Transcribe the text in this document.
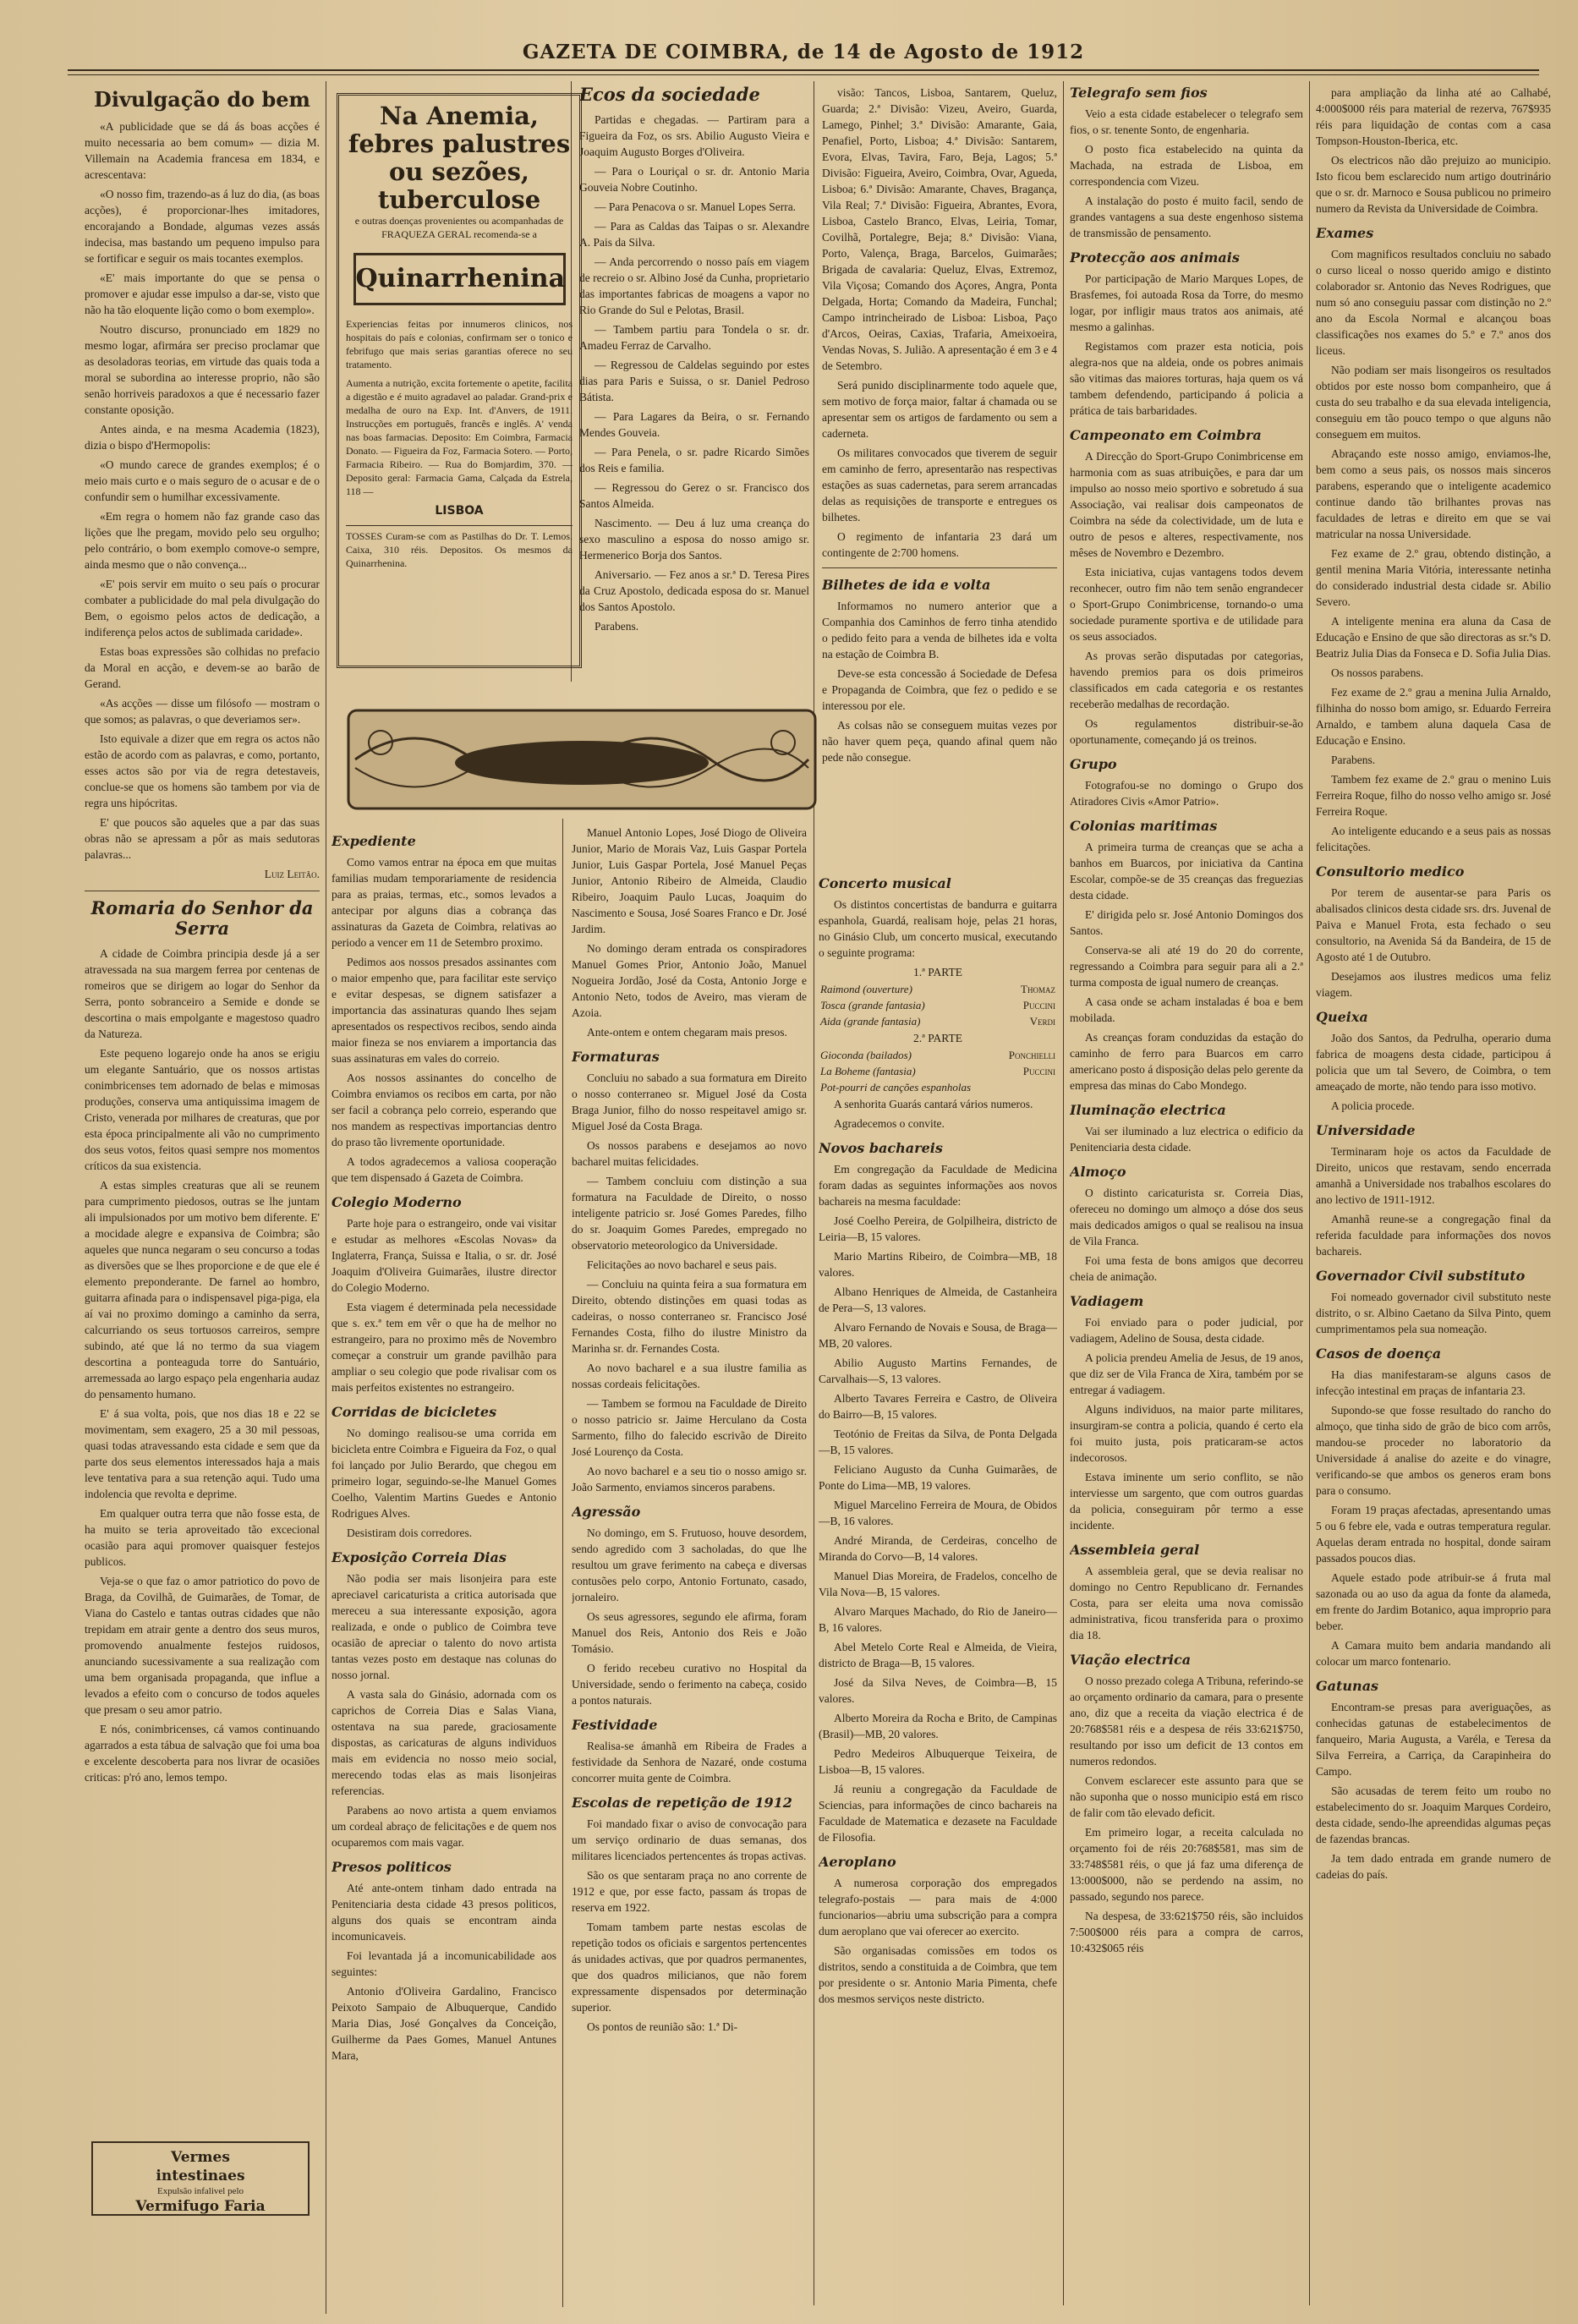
GAZETA DE COIMBRA, de 14 de Agosto de 1912
Divulgação do bem

«A publicidade que se dá ás boas acções é muito necessaria ao bem comum» — dizia M. Villemain na Academia francesa em 1834, e acrescentava:

«O nosso fim, trazendo-as á luz do dia, (as boas acções), é proporcionar-lhes imitadores, encorajando a Bondade, algumas vezes assás indecisa, mas bastando um pequeno impulso para se fortificar e seguir os mais tocantes exemplos.

«E' mais importante do que se pensa o promover e ajudar esse impulso a dar-se, visto que não ha tão eloquente lição como o bom exemplo».

Noutro discurso, pronunciado em 1829 no mesmo logar, afirmára ser preciso proclamar que as desoladoras teorias, em virtude das quais toda a moral se subordina ao interesse proprio, não são senão horriveis paradoxos a que é necessario fazer constante oposição.

Antes ainda, e na mesma Academia (1823), dizia o bispo d'Hermopolis:

«O mundo carece de grandes exemplos; é o meio mais curto e o mais seguro de o acusar e de o confundir sem o humilhar excessivamente.

«Em regra o homem não faz grande caso das lições que lhe pregam, movido pelo seu orgulho; pelo contrário, o bom exemplo comove-o sempre, ainda mesmo que o não convença...

«E' pois servir em muito o seu país o procurar combater a publicidade do mal pela divulgação do Bem, o egoismo pelos actos de dedicação, a indiferença pelos actos de sublimada caridade».

Estas boas expressões são colhidas no prefacio da Moral en acção, e devem-se ao barão de Gerand.

«As acções — disse um filósofo — mostram o que somos; as palavras, o que deveriamos ser».

Isto equivale a dizer que em regra os actos não estão de acordo com as palavras, e como, portanto, esses actos são por via de regra detestaveis, conclue-se que os homens são tambem por via de regra uns hipócritas.

E' que poucos são aqueles que a par das suas obras não se apressam a pôr as mais sedutoras palavras...

Luiz Leitão.
Romaria do Senhor da Serra

A cidade de Coimbra principia desde já a ser atravessada na sua margem ferrea por centenas de romeiros que se dirigem ao logar do Senhor da Serra, ponto sobranceiro a Semide e donde se descortina o mais empolgante e magestoso quadro da Natureza.

Este pequeno logarejo onde ha anos se erigiu um elegante Santuário, que os nossos artistas conimbricenses tem adornado de belas e mimosas produções, conserva uma antiquissima imagem de Cristo, venerada por milhares de creaturas, que por esta época principalmente ali vão no cumprimento dos seus votos, feitos quasi sempre nos momentos críticos da sua existencia.

A estas simples creaturas que ali se reunem para cumprimento piedosos, outras se lhe juntam ali impulsionados por um motivo bem diferente. E' a mocidade alegre e expansiva de Coimbra; são aqueles que nunca negaram o seu concurso a todas as diversões que se lhes proporcione e de que ele é elemento preponderante. De farnel ao hombro, guitarra afinada para o indispensavel piga-piga, ela aí vai no proximo domingo a caminho da serra, calcurriando os seus tortuosos carreiros, sempre subindo, até que lá no termo da sua viagem descortina a ponteaguda torre do Santuário, arremessada ao largo espaço pela engenharia audaz do pensamento humano.

E' á sua volta, pois, que nos dias 18 e 22 se movimentam, sem exagero, 25 a 30 mil pessoas, quasi todas atravessando esta cidade e sem que da parte dos seus elementos interessados haja a mais leve tentativa para a sua retenção aqui. Tudo uma indolencia que revolta e deprime.

Em qualquer outra terra que não fosse esta, de ha muito se teria aproveitado tão excecional ocasião para aqui promover quaisquer festejos publicos.

Veja-se o que faz o amor patriotico do povo de Braga, da Covilhã, de Guimarães, de Tomar, de Viana do Castelo e tantas outras cidades que não trepidam em atrair gente a dentro dos seus muros, promovendo anualmente festejos ruidosos, anunciando sucessivamente a sua realização com uma bem organisada propaganda, que influe a levados a efeito com o concurso de todos aqueles que presam o seu amor patrio.

E nós, conimbricenses, cá vamos continuando agarrados a esta tábua de salvação que foi uma boa e excelente descoberta para nos livrar de ocasiões criticas: p'ró ano, lemos tempo.

Vermes
intestinaes
Expulsão infalivel pelo
Vermifugo Faria
Na Anemia, febres palustres ou sezões, tuberculose
e outras doenças provenientes ou acompanhadas de FRAQUEZA GERAL recomenda-se a
Quinarrhenina
Experiencias feitas por innumeros clinicos, nos hospitais do país e colonias, confirmam ser o tonico e febrifugo que mais serias garantias oferece no seu tratamento.
Aumenta a nutrição, excita fortemente o apetite, facilita a digestão e é muito agradavel ao paladar. Grand-prix e medalha de ouro na Exp. Int. d'Anvers, de 1911. Instrucções em português, francês e inglês. A' venda nas boas farmacias. Deposito: Em Coimbra, Farmacia Donato. — Figueira da Foz, Farmacia Sotero. — Porto, Farmacia Ribeiro. — Rua do Bomjardim, 370. — Deposito geral: Farmacia Gama, Calçada da Estrela, 118 —
LISBOA
TOSSES Curam-se com as Pastilhas do Dr. T. Lemos. Caixa, 310 réis. Depositos. Os mesmos da Quinarrhenina.
Ecos da sociedade

Partidas e chegadas. — Partiram para a Figueira da Foz, os srs. Abilio Augusto Vieira e Joaquim Augusto Borges d'Oliveira.

— Para o Louriçal o sr. dr. Antonio Maria Gouveia Nobre Coutinho.

— Para Penacova o sr. Manuel Lopes Serra.

— Para as Caldas das Taipas o sr. Alexandre A. Pais da Silva.

— Anda percorrendo o nosso país em viagem de recreio o sr. Albino José da Cunha, proprietario das importantes fabricas de moagens a vapor no Rio Grande do Sul e Pelotas, Brasil.

— Tambem partiu para Tondela o sr. dr. Amadeu Ferraz de Carvalho.

— Regressou de Caldelas seguindo por estes dias para Paris e Suissa, o sr. Daniel Pedroso Bátista.

— Para Lagares da Beira, o sr. Fernando Mendes Gouveia.

— Para Penela, o sr. padre Ricardo Simões dos Reis e familia.

— Regressou do Gerez o sr. Francisco dos Santos Almeida.

Nascimento. — Deu á luz uma creança do sexo masculino a esposa do nosso amigo sr. Hermenerico Borja dos Santos.

Aniversario. — Fez anos a sr.ª D. Teresa Pires da Cruz Apostolo, dedicada esposa do sr. Manuel dos Santos Apostolo.

Parabens.

visão: Tancos, Lisboa, Santarem, Queluz, Guarda; 2.ª Divisão: Vizeu, Aveiro, Guarda, Lamego, Pinhel; 3.ª Divisão: Amarante, Gaia, Penafiel, Porto, Lisboa; 4.ª Divisão: Santarem, Evora, Elvas, Tavira, Faro, Beja, Lagos; 5.ª Divisão: Figueira, Aveiro, Coimbra, Ovar, Agueda, Lisboa; 6.ª Divisão: Amarante, Chaves, Bragança, Vila Real; 7.ª Divisão: Figueira, Abrantes, Evora, Lisboa, Castelo Branco, Elvas, Leiria, Tomar, Covilhã, Portalegre, Beja; 8.ª Divisão: Viana, Porto, Valença, Braga, Barcelos, Guimarães; Brigada de cavalaria: Queluz, Elvas, Extremoz, Vila Viçosa; Comando dos Açores, Angra, Ponta Delgada, Horta; Comando da Madeira, Funchal; Campo intrincheirado de Lisboa: Lisboa, Paço d'Arcos, Oeiras, Caxias, Trafaria, Ameixoeira, Vendas Novas, S. Julião. A apresentação é em 3 e 4 de Setembro.

Será punido disciplinarmente todo aquele que, sem motivo de força maior, faltar á chamada ou se apresentar sem os artigos de fardamento ou sem a caderneta.

Os militares convocados que tiverem de seguir em caminho de ferro, apresentarão nas respectivas estações as suas cadernetas, para serem arrancadas delas as requisições de transporte e entregues os bilhetes.

O regimento de infantaria 23 dará um contingente de 2:700 homens.

Bilhetes de ida e volta

Informamos no numero anterior que a Companhia dos Caminhos de ferro tinha atendido o pedido feito para a venda de bilhetes ida e volta na estação de Coimbra B.

Deve-se esta concessão á Sociedade de Defesa e Propaganda de Coimbra, que fez o pedido e se interessou por ele.

As colsas não se conseguem muitas vezes por não haver quem peça, quando afinal quem não pede não consegue.

Expediente

Como vamos entrar na época em que muitas familias mudam temporariamente de residencia para as praias, termas, etc., somos levados a antecipar por alguns dias a cobrança das assinaturas da Gazeta de Coimbra, relativas ao periodo a vencer em 11 de Setembro proximo.

Pedimos aos nossos presados assinantes com o maior empenho que, para facilitar este serviço e evitar despesas, se dignem satisfazer a importancia das assinaturas quando lhes sejam apresentados os respectivos recibos, sendo ainda maior fineza se nos enviarem a importancia das suas assinaturas em vales do correio.

Aos nossos assinantes do concelho de Coimbra enviamos os recibos em carta, por não ser facil a cobrança pelo correio, esperando que nos mandem as respectivas importancias dentro do praso tão livremente oportunidade.

A todos agradecemos a valiosa cooperação que tem dispensado á Gazeta de Coimbra.

Colegio Moderno

Parte hoje para o estrangeiro, onde vai visitar e estudar as melhores «Escolas Novas» da Inglaterra, França, Suissa e Italia, o sr. dr. José Joaquim d'Oliveira Guimarães, ilustre director do Colegio Moderno.

Esta viagem é determinada pela necessidade que s. ex.ª tem em vêr o que ha de melhor no estrangeiro, para no proximo mês de Novembro começar a construir um grande pavilhão para ampliar o seu colegio que pode rivalisar com os mais perfeitos existentes no estrangeiro.

Corridas de bicicletes

No domingo realisou-se uma corrida em bicicleta entre Coimbra e Figueira da Foz, o qual foi lançado por Julio Berardo, que chegou em primeiro logar, seguindo-se-lhe Manuel Gomes Coelho, Valentim Martins Guedes e Antonio Rodrigues Alves.

Desistiram dois corredores.

Exposição Correia Dias

Não podia ser mais lisonjeira para este apreciavel caricaturista a critica autorisada que mereceu a sua interessante exposição, agora realizada, e onde o publico de Coimbra teve ocasião de apreciar o talento do novo artista tantas vezes posto em destaque nas colunas do nosso jornal.

A vasta sala do Ginásio, adornada com os caprichos de Correia Dias e Salas Viana, ostentava na sua parede, graciosamente dispostas, as caricaturas de alguns individuos mais em evidencia no nosso meio social, merecendo todas elas as mais lisonjeiras referencias.

Parabens ao novo artista a quem enviamos um cordeal abraço de felicitações e de quem nos ocuparemos com mais vagar.

Presos politicos

Até ante-ontem tinham dado entrada na Penitenciaria desta cidade 43 presos politicos, alguns dos quais se encontram ainda incomunicaveis.

Foi levantada já a incomunicabilidade aos seguintes:

Antonio d'Oliveira Gardalino, Francisco Peixoto Sampaio de Albuquerque, Candido Maria Dias, José Gonçalves da Conceição, Guilherme da Paes Gomes, Manuel Antunes Mara,

Manuel Antonio Lopes, José Diogo de Oliveira Junior, Mario de Morais Vaz, Luis Gaspar Portela Junior, Luis Gaspar Portela, José Manuel Peças Junior, Antonio Ribeiro de Almeida, Claudio Ribeiro, Joaquim Paulo Lucas, Joaquim do Nascimento e Sousa, José Soares Franco e Dr. José Jardim.

No domingo deram entrada os conspiradores Manuel Gomes Prior, Antonio João, Manuel Nogueira Jordão, José da Costa, Antonio Jorge e Antonio Neto, todos de Aveiro, mas vieram de Azoia.

Ante-ontem e ontem chegaram mais presos.

Formaturas

Concluiu no sabado a sua formatura em Direito o nosso conterraneo sr. Miguel José da Costa Braga Junior, filho do nosso respeitavel amigo sr. Miguel José da Costa Braga.

Os nossos parabens e desejamos ao novo bacharel muitas felicidades.

— Tambem concluiu com distinção a sua formatura na Faculdade de Direito, o nosso inteligente patricio sr. José Gomes Paredes, filho do sr. Joaquim Gomes Paredes, empregado no observatorio meteorologico da Universidade.

Felicitações ao novo bacharel e seus pais.

— Concluiu na quinta feira a sua formatura em Direito, obtendo distinções em quasi todas as cadeiras, o nosso conterraneo sr. Francisco José Fernandes Costa, filho do ilustre Ministro da Marinha sr. dr. Fernandes Costa.

Ao novo bacharel e a sua ilustre familia as nossas cordeais felicitações.

— Tambem se formou na Faculdade de Direito o nosso patricio sr. Jaime Herculano da Costa Sarmento, filho do falecido escrivão de Direito José Lourenço da Costa.

Ao novo bacharel e a seu tio o nosso amigo sr. João Sarmento, enviamos sinceros parabens.

Agressão

No domingo, em S. Frutuoso, houve desordem, sendo agredido com 3 sacholadas, do que lhe resultou um grave ferimento na cabeça e diversas contusões pelo corpo, Antonio Fortunato, casado, jornaleiro.

Os seus agressores, segundo ele afirma, foram Manuel dos Reis, Antonio dos Reis e João Tomásio.

O ferido recebeu curativo no Hospital da Universidade, sendo o ferimento na cabeça, cosido a pontos naturais.

Festividade

Realisa-se ámanhã em Ribeira de Frades a festividade da Senhora de Nazaré, onde costuma concorrer muita gente de Coimbra.

Escolas de repetição de 1912

Foi mandado fixar o aviso de convocação para um serviço ordinario de duas semanas, dos militares licenciados pertencentes ás tropas activas.

São os que sentaram praça no ano corrente de 1912 e que, por esse facto, passam ás tropas de reserva em 1922.

Tomam tambem parte nestas escolas de repetição todos os oficiais e sargentos pertencentes ás unidades activas, que por quadros permanentes, que dos quadros milicianos, que não forem expressamente dispensados por determinação superior.

Os pontos de reunião são: 1.ª Di-

Concerto musical

Os distintos concertistas de bandurra e guitarra espanhola, Guardá, realisam hoje, pelas 21 horas, no Ginásio Club, um concerto musical, executando o seguinte programa:

1.ª PARTE
Raimond (ouverture)	Thomaz
Tosca (grande fantasia)	Puccini
Aida (grande fantasia)	Verdi
2.ª PARTE
Gioconda (bailados)	Ponchielli
La Boheme (fantasia)	Puccini
Pot-pourri de canções espanholas	

A senhorita Guarás cantará vários numeros.

Agradecemos o convite.

Novos bachareis

Em congregação da Faculdade de Medicina foram dadas as seguintes informações aos novos bachareis na mesma faculdade:

José Coelho Pereira, de Golpilheira, districto de Leiria—B, 15 valores.

Mario Martins Ribeiro, de Coimbra—MB, 18 valores.

Albano Henriques de Almeida, de Castanheira de Pera—S, 13 valores.

Alvaro Fernando de Novais e Sousa, de Braga—MB, 20 valores.

Abilio Augusto Martins Fernandes, de Carvalhais—S, 13 valores.

Alberto Tavares Ferreira e Castro, de Oliveira do Bairro—B, 15 valores.

Teotónio de Freitas da Silva, de Ponta Delgada—B, 15 valores.

Feliciano Augusto da Cunha Guimarães, de Ponte do Lima—MB, 19 valores.

Miguel Marcelino Ferreira de Moura, de Obidos—B, 16 valores.

André Miranda, de Cerdeiras, concelho de Miranda do Corvo—B, 14 valores.

Manuel Dias Moreira, de Fradelos, concelho de Vila Nova—B, 15 valores.

Alvaro Marques Machado, do Rio de Janeiro—B, 16 valores.

Abel Metelo Corte Real e Almeida, de Vieira, districto de Braga—B, 15 valores.

José da Silva Neves, de Coimbra—B, 15 valores.

Alberto Moreira da Rocha e Brito, de Campinas (Brasil)—MB, 20 valores.

Pedro Medeiros Albuquerque Teixeira, de Lisboa—B, 15 valores.

Já reuniu a congregação da Faculdade de Sciencias, para informações de cinco bachareis na Faculdade de Matematica e dezasete na Faculdade de Filosofia.

Aeroplano

A numerosa corporação dos empregados telegrafo-postais — para mais de 4:000 funcionarios—abriu uma subscrição para a compra dum aeroplano que vai oferecer ao exercito.

São organisadas comissões em todos os distritos, sendo a constituida a de Coimbra, que tem por presidente o sr. Antonio Maria Pimenta, chefe dos mesmos serviços neste districto.

Telegrafo sem fios

Veio a esta cidade estabelecer o telegrafo sem fios, o sr. tenente Sonto, de engenharia.

O posto fica estabelecido na quinta da Machada, na estrada de Lisboa, em correspondencia com Vizeu.

A instalação do posto é muito facil, sendo de grandes vantagens a sua deste engenhoso sistema de transmissão de pensamento.

Protecção aos animais

Por participação de Mario Marques Lopes, de Brasfemes, foi autoada Rosa da Torre, do mesmo logar, por infligir maus tratos aos animais, até mesmo a galinhas.

Registamos com prazer esta noticia, pois alegra-nos que na aldeia, onde os pobres animais são vitimas das maiores torturas, haja quem os vá tambem defendendo, participando á policia a prática de tais barbaridades.

Campeonato em Coimbra

A Direcção do Sport-Grupo Conimbricense em harmonia com as suas atribuições, e para dar um impulso ao nosso meio sportivo e sobretudo á sua Associação, vai realisar dois campeonatos de Coimbra na séde da colectividade, um de luta e outro de pesos e alteres, respectivamente, nos mêses de Novembro e Dezembro.

Esta iniciativa, cujas vantagens todos devem reconhecer, outro fim não tem senão engrandecer o Sport-Grupo Conimbricense, tornando-o uma sociedade puramente sportiva e de utilidade para os seus associados.

As provas serão disputadas por categorias, havendo premios para os dois primeiros classificados em cada categoria e os restantes receberão medalhas de recordação.

Os regulamentos distribuir-se-ão oportunamente, começando já os treinos.

Grupo

Fotografou-se no domingo o Grupo dos Atiradores Civis «Amor Patrio».

Colonias maritimas

A primeira turma de creanças que se acha a banhos em Buarcos, por iniciativa da Cantina Escolar, compõe-se de 35 creanças das freguezias desta cidade.

E' dirigida pelo sr. José Antonio Domingos dos Santos.

Conserva-se ali até 19 do 20 do corrente, regressando a Coimbra para seguir para ali a 2.ª turma composta de igual numero de creanças.

A casa onde se acham instaladas é boa e bem mobilada.

As creanças foram conduzidas da estação do caminho de ferro para Buarcos em carro americano posto á disposição delas pelo gerente da empresa das minas do Cabo Mondego.

Iluminação electrica

Vai ser iluminado a luz electrica o edificio da Penitenciaria desta cidade.

Almoço

O distinto caricaturista sr. Correia Dias, ofereceu no domingo um almoço a dóse dos seus mais dedicados amigos o qual se realisou na insua de Vila Franca.

Foi uma festa de bons amigos que decorreu cheia de animação.

Vadiagem

Foi enviado para o poder judicial, por vadiagem, Adelino de Sousa, desta cidade.

A policia prendeu Amelia de Jesus, de 19 anos, que diz ser de Vila Franca de Xira, também por se entregar á vadiagem.

Alguns individuos, na maior parte militares, insurgiram-se contra a policia, quando é certo ela foi muito justa, pois praticaram-se actos indecorosos.

Estava iminente um serio conflito, se não interviesse um sargento, que com outros guardas da policia, conseguiram pôr termo a esse incidente.

Assembleia geral

A assembleia geral, que se devia realisar no domingo no Centro Republicano dr. Fernandes Costa, para ser eleita uma nova comissão administrativa, ficou transferida para o proximo dia 18.

Viação electrica

O nosso prezado colega A Tribuna, referindo-se ao orçamento ordinario da camara, para o presente ano, diz que a receita da viação electrica é de 20:768$581 réis e a despesa de réis 33:621$750, resultando por isso um deficit de 13 contos em numeros redondos.

Convem esclarecer este assunto para que se não suponha que o nosso municipio está em risco de falir com tão elevado deficit.

Em primeiro logar, a receita calculada no orçamento foi de réis 20:768$581, mas sim de 33:748$581 réis, o que já faz uma diferença de 13:000$000, não se perdendo na assim, no passado, segundo nos parece.

Na despesa, de 33:621$750 réis, são incluidos 7:500$000 réis para a compra de carros, 10:432$065 réis

para ampliação da linha até ao Calhabé, 4:000$000 réis para material de rezerva, 767$935 réis para liquidação de contas com a casa Tompson-Houston-Iberica, etc.

Os electricos não dão prejuizo ao municipio. Isto ficou bem esclarecido num artigo doutrinário que o sr. dr. Marnoco e Sousa publicou no primeiro numero da Revista da Universidade de Coimbra.

Exames

Com magnificos resultados concluiu no sabado o curso liceal o nosso querido amigo e distinto colaborador sr. Antonio das Neves Rodrigues, que num só ano conseguiu passar com distinção no 2.º ano da Escola Normal e alcançou boas classificações nos exames do 5.º e 7.º anos dos liceus.

Não podiam ser mais lisongeiros os resultados obtidos por este nosso bom companheiro, que á custa do seu trabalho e da sua elevada inteligencia, conseguiu em tão pouco tempo o que alguns não conseguem em muitos.

Abraçando este nosso amigo, enviamos-lhe, bem como a seus pais, os nossos mais sinceros parabens, esperando que o inteligente academico continue dando tão brilhantes provas nas faculdades de letras e direito em que se vai matricular na nossa Universidade.

Fez exame de 2.º grau, obtendo distinção, a gentil menina Maria Vitória, interessante netinha do considerado industrial desta cidade sr. Abilio Severo.

A inteligente menina era aluna da Casa de Educação e Ensino de que são directoras as sr.ªs D. Beatriz Julia Dias da Fonseca e D. Sofia Julia Dias.

Os nossos parabens.

Fez exame de 2.º grau a menina Julia Arnaldo, filhinha do nosso bom amigo, sr. Eduardo Ferreira Arnaldo, e tambem aluna daquela Casa de Educação e Ensino.

Parabens.

Tambem fez exame de 2.º grau o menino Luis Ferreira Roque, filho do nosso velho amigo sr. José Ferreira Roque.

Ao inteligente educando e a seus pais as nossas felicitações.

Consultorio medico

Por terem de ausentar-se para Paris os abalisados clinicos desta cidade srs. drs. Juvenal de Paiva e Manuel Frota, esta fechado o seu consultorio, na Avenida Sá da Bandeira, de 15 de Agosto até 1 de Outubro.

Desejamos aos ilustres medicos uma feliz viagem.

Queixa

João dos Santos, da Pedrulha, operario duma fabrica de moagens desta cidade, participou á policia que um tal Severo, de Coimbra, o tem ameaçado de morte, não tendo para isso motivo.

A policia procede.

Universidade

Terminaram hoje os actos da Faculdade de Direito, unicos que restavam, sendo encerrada amanhã a Universidade nos trabalhos escolares do ano lectivo de 1911-1912.

Amanhã reune-se a congregação final da referida faculdade para informações dos novos bachareis.

Governador Civil substituto

Foi nomeado governador civil substituto neste distrito, o sr. Albino Caetano da Silva Pinto, quem cumprimentamos pela sua nomeação.

Casos de doença

Ha dias manifestaram-se alguns casos de infecção intestinal em praças de infantaria 23.

Supondo-se que fosse resultado do rancho do almoço, que tinha sido de grão de bico com arrôs, mandou-se proceder no laboratorio da Universidade á analise do azeite e do vinagre, verificando-se que ambos os generos eram bons para o consumo.

Foram 19 praças afectadas, apresentando umas 5 ou 6 febre ele, vada e outras temperatura regular. Aquelas deram entrada no hospital, donde sairam passados poucos dias.

Aquele estado pode atribuir-se á fruta mal sazonada ou ao uso da agua da fonte da alameda, em frente do Jardim Botanico, aqua improprio para beber.

A Camara muito bem andaria mandando ali colocar um marco fontenario.

Gatunas

Encontram-se presas para averiguações, as conhecidas gatunas de estabelecimentos de fanqueiro, Maria Augusta, a Varéla, e Teresa da Silva Ferreira, a Carriça, da Carapinheira do Campo.

São acusadas de terem feito um roubo no estabelecimento do sr. Joaquim Marques Cordeiro, desta cidade, sendo-lhe apreendidas algumas peças de fazendas brancas.

Ja tem dado entrada em grande numero de cadeias do país.
